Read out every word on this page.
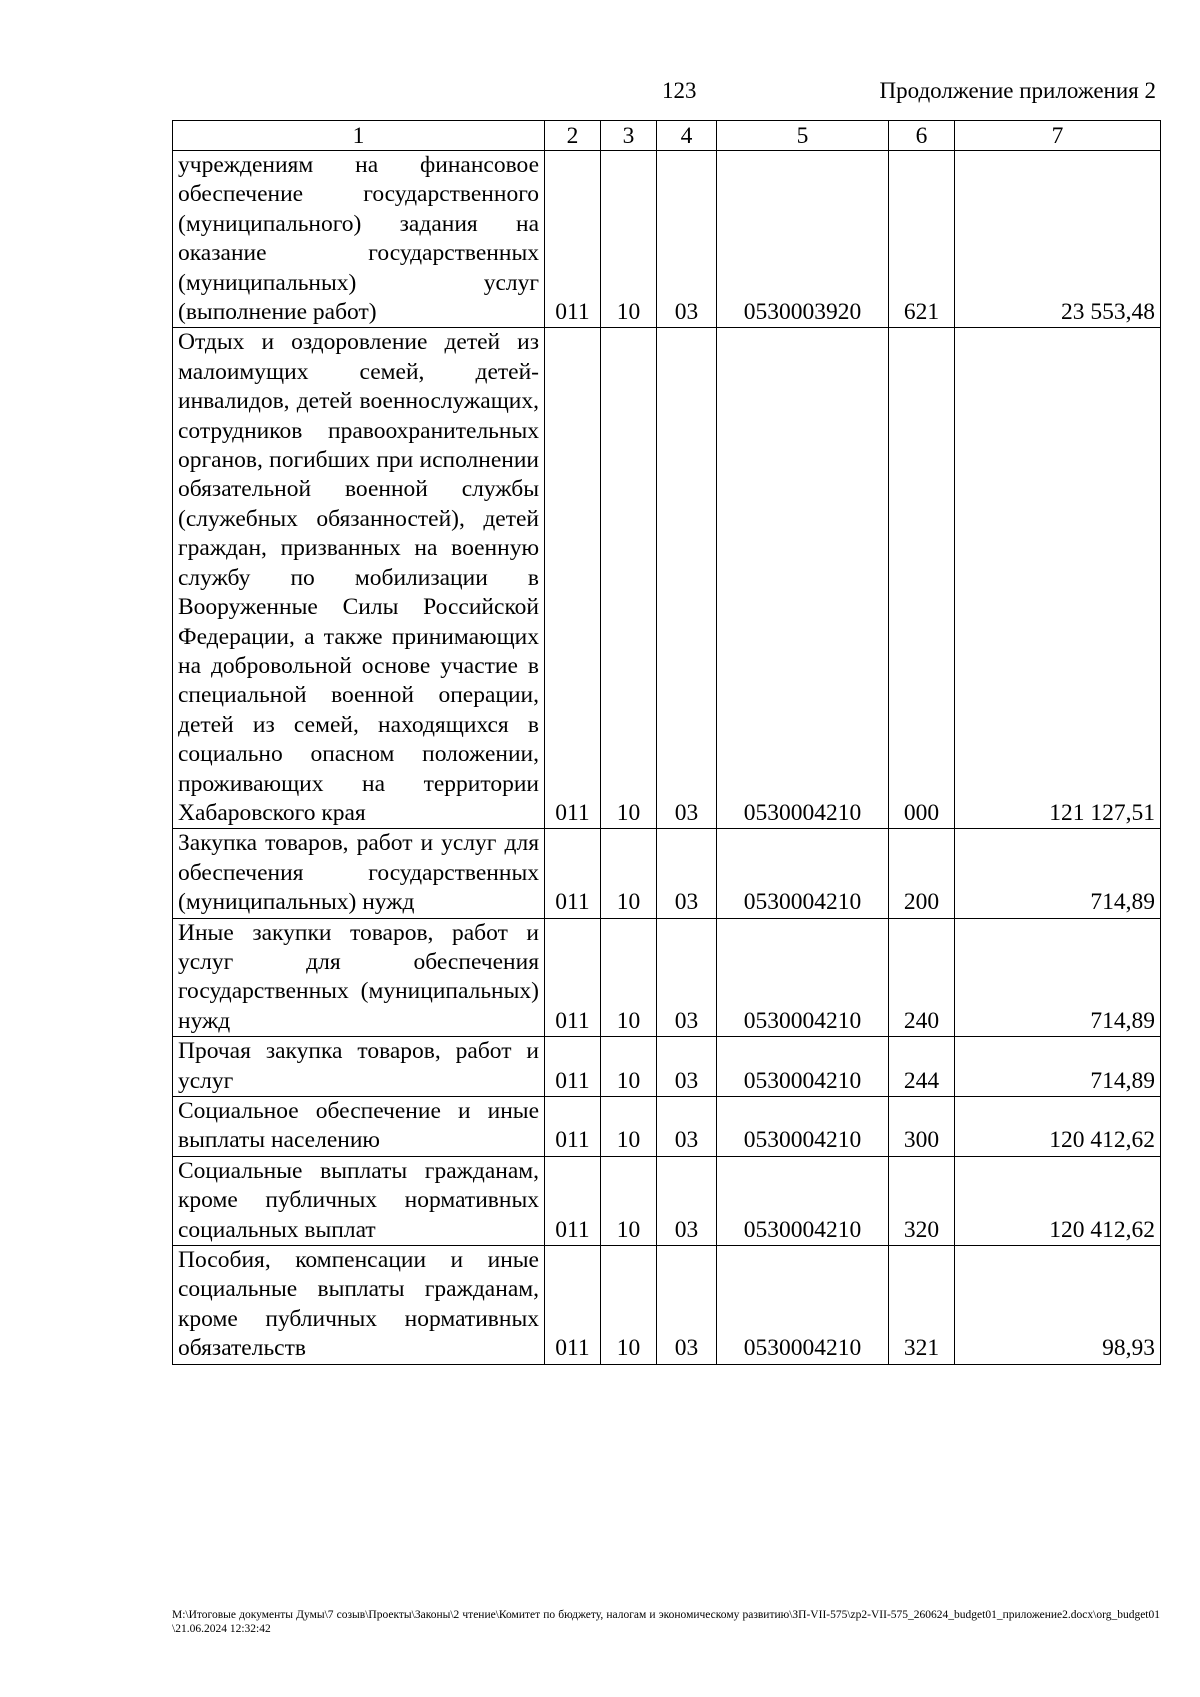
123	Продолжение приложения 2
1	2	3	4	5	6	7
учреждениям на финансовое обеспечение государственного (муниципального) задания на оказание государственных (муниципальных) услуг (выполнение работ)	011	10	03	0530003920	621	23 553,48
Отдых и оздоровление детей из малоимущих семей, детей-инвалидов, детей военнослужащих, сотрудников правоохранительных органов, погибших при исполнении обязательной военной службы (служебных обязанностей), детей граждан, призванных на военную службу по мобилизации в Вооруженные Силы Российской Федерации, а также принимающих на добровольной основе участие в специальной военной операции, детей из семей, находящихся в социально опасном положении, проживающих на территории Хабаровского края	011	10	03	0530004210	000	121 127,51
Закупка товаров, работ и услуг для обеспечения государственных (муниципальных) нужд	011	10	03	0530004210	200	714,89
Иные закупки товаров, работ и услуг для обеспечения государственных (муниципальных) нужд	011	10	03	0530004210	240	714,89
Прочая закупка товаров, работ и услуг	011	10	03	0530004210	244	714,89
Социальное обеспечение и иные выплаты населению	011	10	03	0530004210	300	120 412,62
Социальные выплаты гражданам, кроме публичных нормативных социальных выплат	011	10	03	0530004210	320	120 412,62
Пособия, компенсации и иные социальные выплаты гражданам, кроме публичных нормативных обязательств	011	10	03	0530004210	321	98,93
M:\Итоговые документы Думы\7 созыв\Проекты\Законы\2 чтение\Комитет по бюджету, налогам и экономическому развитию\ЗП-VII-575\zp2-VII-575_260624_budget01_приложение2.docx\org_budget01\21.06.2024 12:32:42
